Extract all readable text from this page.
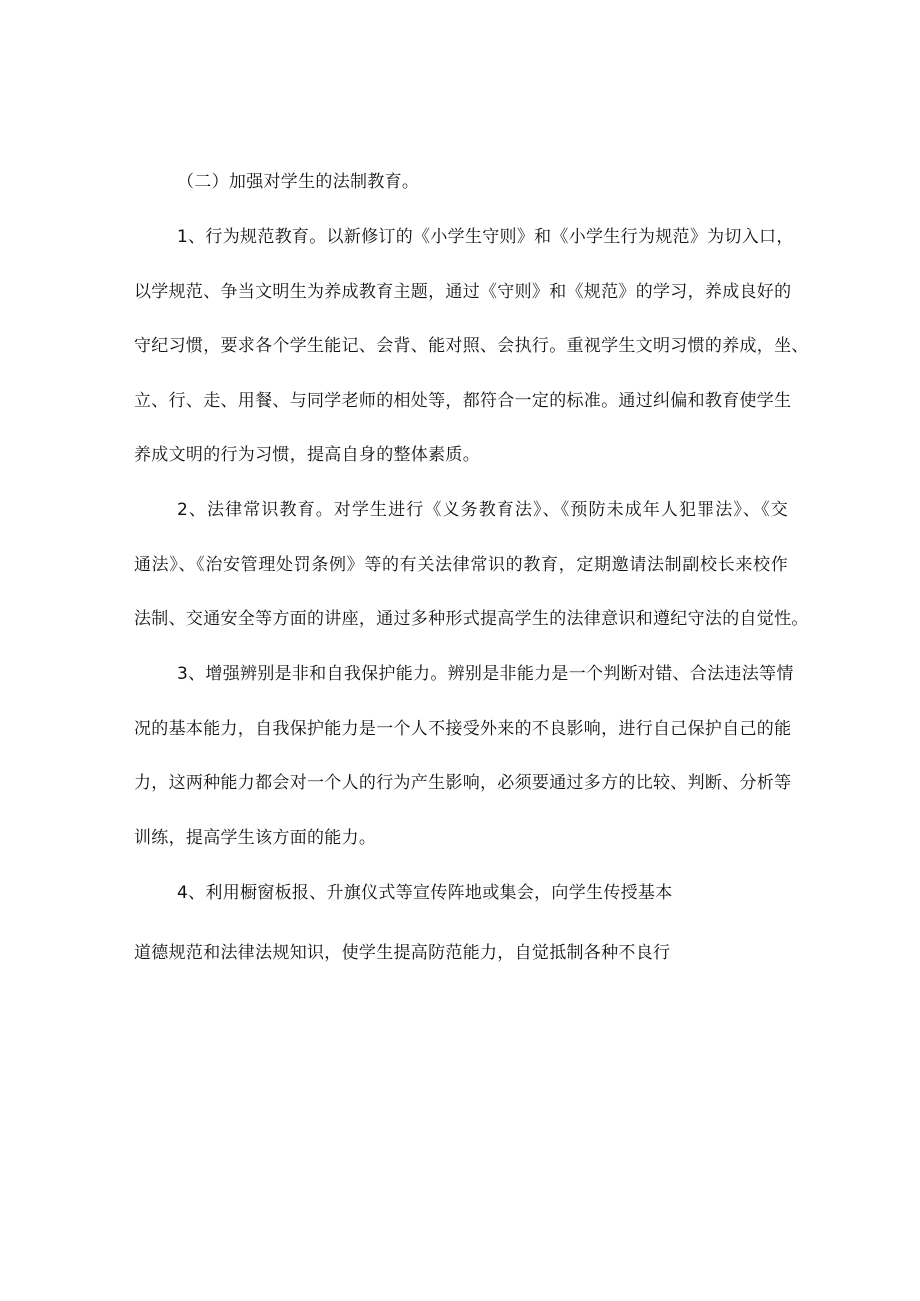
（二）加强对学生的法制教育。
1、行为规范教育。以新修订的《小学生守则》和《小学生行为规范》为切入口，
以学规范、争当文明生为养成教育主题，通过《守则》和《规范》的学习，养成良好的
守纪习惯，要求各个学生能记、会背、能对照、会执行。重视学生文明习惯的养成，坐、
立、行、走、用餐、与同学老师的相处等，都符合一定的标准。通过纠偏和教育使学生
养成文明的行为习惯，提高自身的整体素质。
2、法律常识教育。对学生进行《义务教育法》、《预防未成年人犯罪法》、《交
通法》、《治安管理处罚条例》等的有关法律常识的教育，定期邀请法制副校长来校作
法制、交通安全等方面的讲座，通过多种形式提高学生的法律意识和遵纪守法的自觉性。
3、增强辨别是非和自我保护能力。辨别是非能力是一个判断对错、合法违法等情
况的基本能力，自我保护能力是一个人不接受外来的不良影响，进行自己保护自己的能
力，这两种能力都会对一个人的行为产生影响，必须要通过多方的比较、判断、分析等
训练，提高学生该方面的能力。
4、利用橱窗板报、升旗仪式等宣传阵地或集会，向学生传授基本
道德规范和法律法规知识，使学生提高防范能力，自觉抵制各种不良行
